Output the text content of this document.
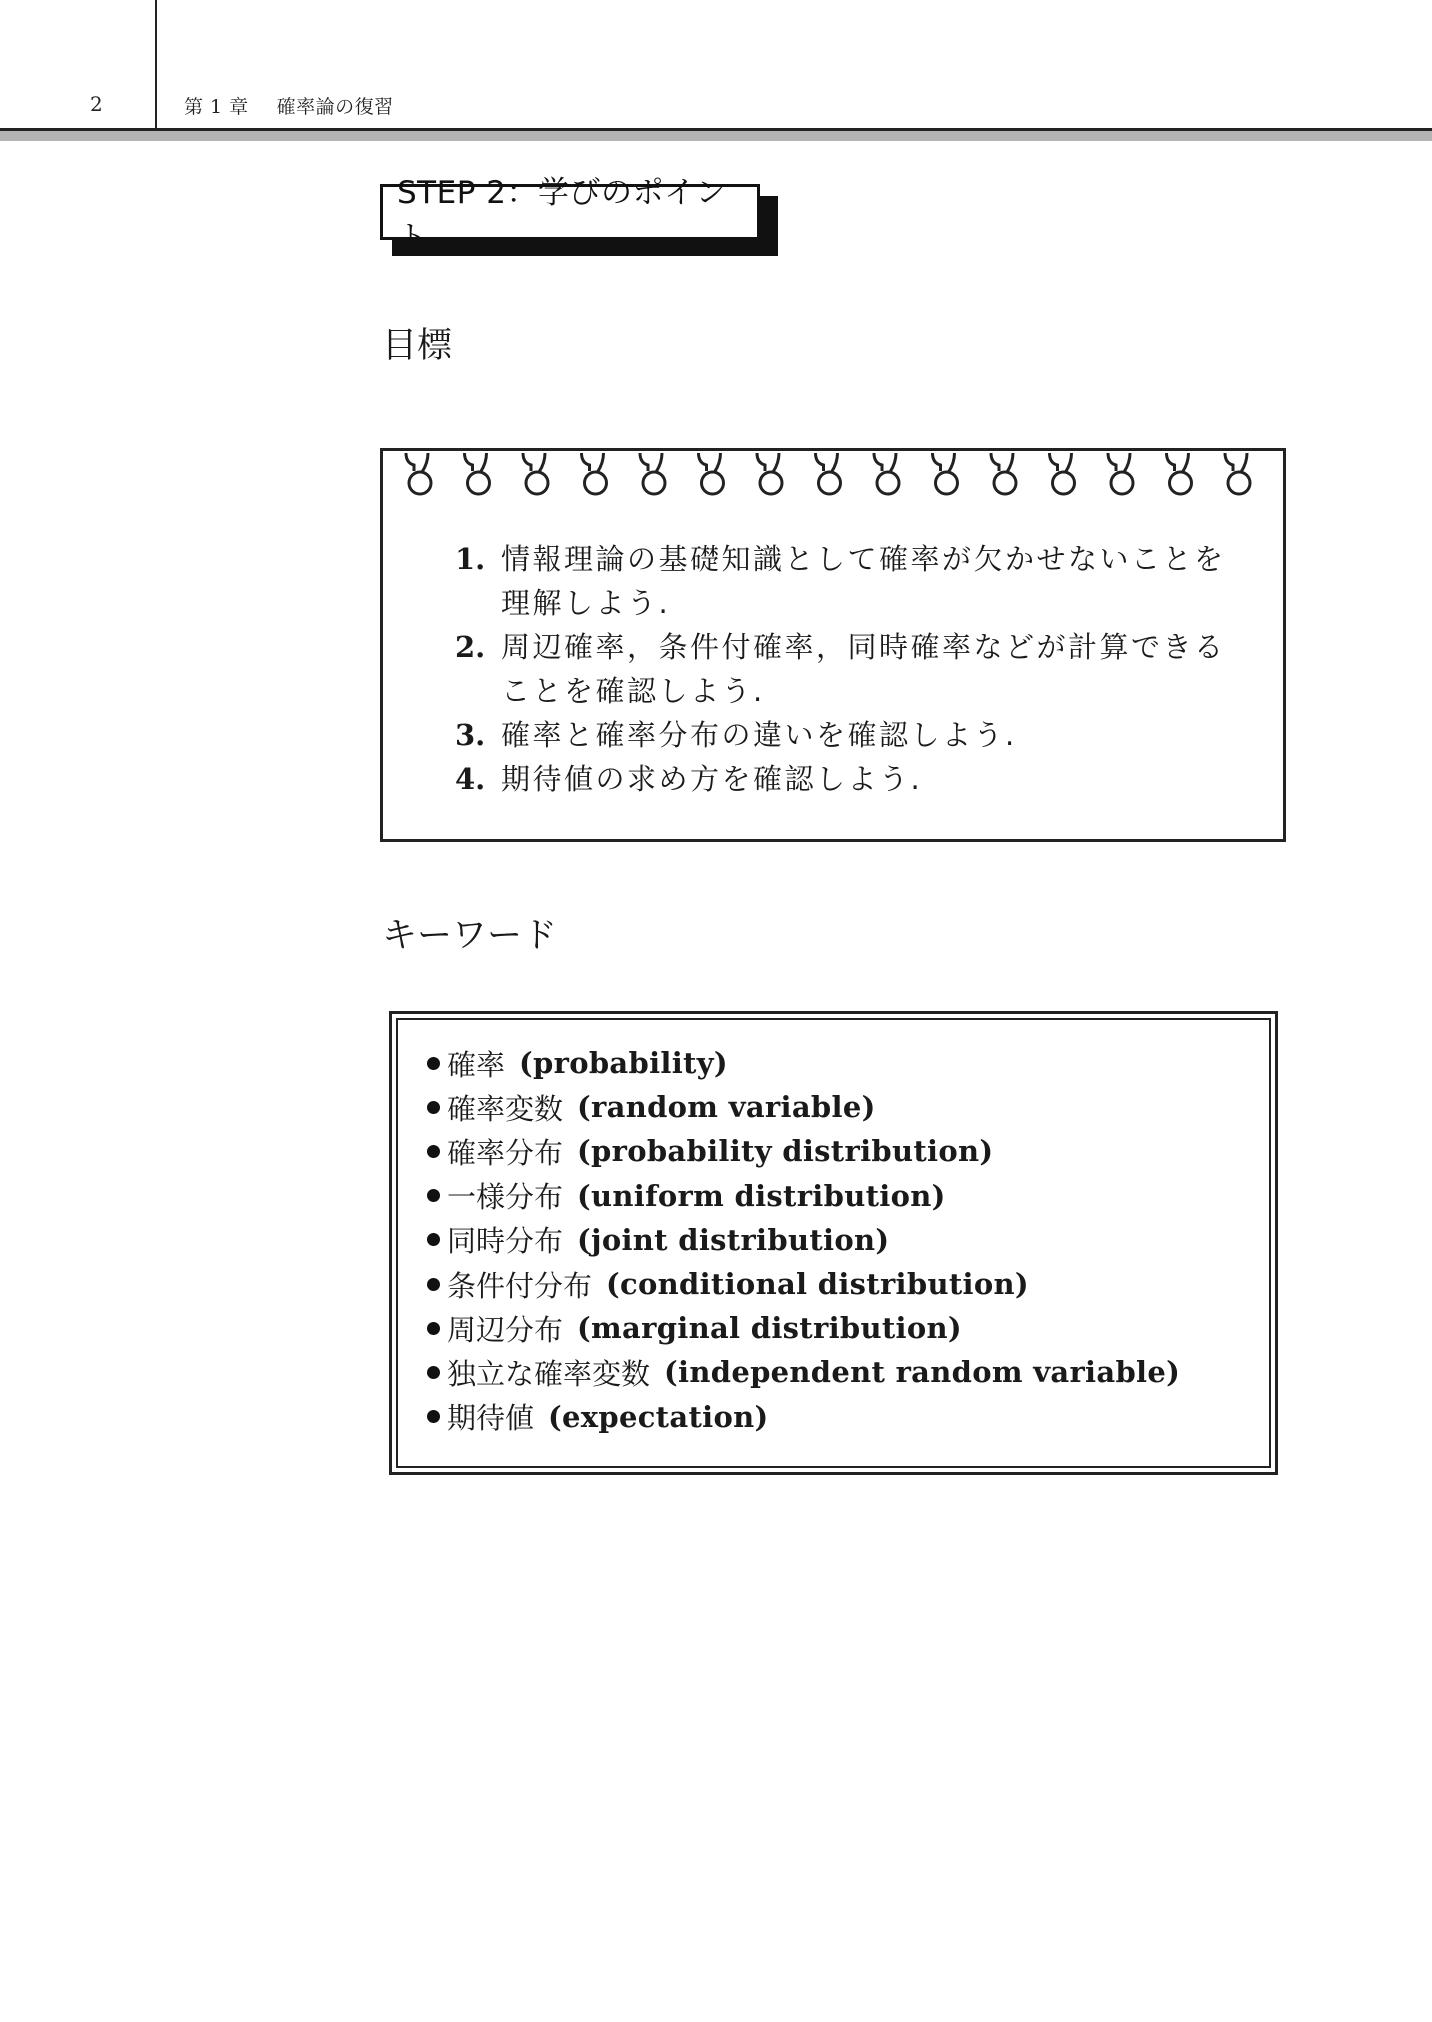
2	第 1 章 確率論の復習
STEP 2：学びのポイント
目標
1. 情報理論の基礎知識として確率が欠かせないことを理解しよう.
2. 周辺確率，条件付確率，同時確率などが計算できることを確認しよう.
3. 確率と確率分布の違いを確認しよう.
4. 期待値の求め方を確認しよう.
キーワード
確率 (probability)
確率変数 (random variable)
確率分布 (probability distribution)
一様分布 (uniform distribution)
同時分布 (joint distribution)
条件付分布 (conditional distribution)
周辺分布 (marginal distribution)
独立な確率変数 (independent random variable)
期待値 (expectation)
